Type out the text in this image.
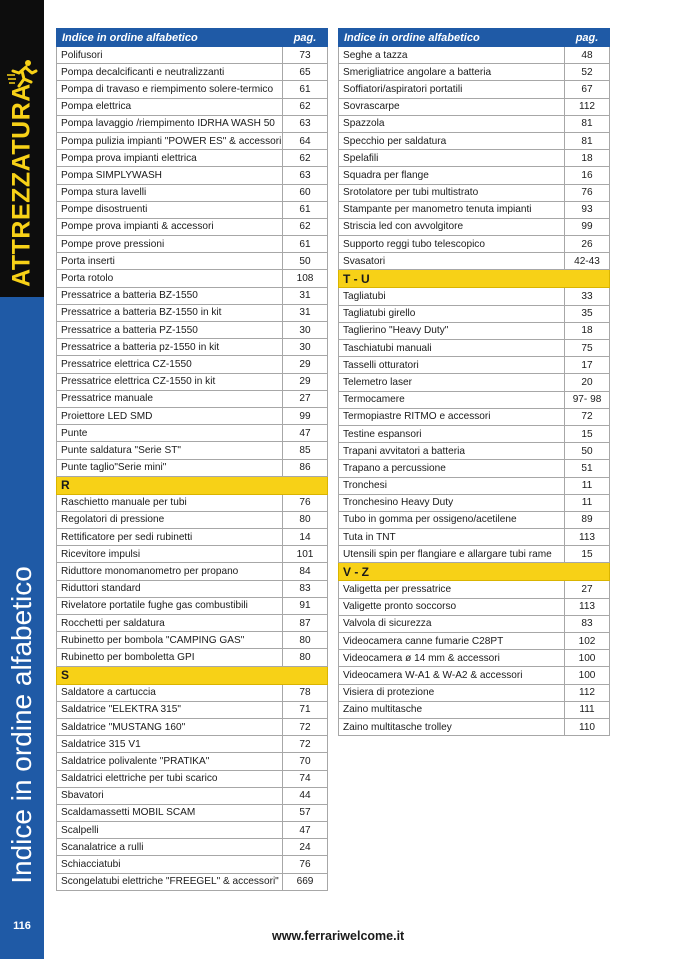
ATTREZZATURA
Indice in ordine alfabetico
116
Indice in ordine alfabetico	pag.
Polifusori	73
Pompa decalcificanti e neutralizzanti	65
Pompa di travaso e riempimento solere-termico	61
Pompa elettrica	62
Pompa lavaggio /riempimento IDRHA WASH 50	63
Pompa pulizia impianti "POWER ES" & accessori	64
Pompa prova impianti elettrica	62
Pompa SIMPLYWASH	63
Pompa stura lavelli	60
Pompe disostruenti	61
Pompe prova impianti & accessori	62
Pompe prove pressioni	61
Porta inserti	50
Porta rotolo	108
Pressatrice a batteria BZ-1550	31
Pressatrice a batteria BZ-1550 in kit	31
Pressatrice a batteria PZ-1550	30
Pressatrice a batteria pz-1550 in kit	30
Pressatrice elettrica CZ-1550	29
Pressatrice elettrica CZ-1550 in kit	29
Pressatrice manuale	27
Proiettore LED SMD	99
Punte	47
Punte saldatura "Serie ST"	85
Punte taglio"Serie mini"	86
R	
Raschietto manuale per tubi	76
Regolatori di pressione	80
Rettificatore per sedi rubinetti	14
Ricevitore impulsi	101
Riduttore monomanometro per propano	84
Riduttori standard	83
Rivelatore portatile fughe gas combustibili	91
Rocchetti per saldatura	87
Rubinetto per bombola "CAMPING GAS"	80
Rubinetto per bomboletta GPI	80
S	
Saldatore a cartuccia	78
Saldatrice "ELEKTRA 315"	71
Saldatrice "MUSTANG 160"	72
Saldatrice 315 V1	72
Saldatrice polivalente "PRATIKA"	70
Saldatrici elettriche per tubi scarico	74
Sbavatori	44
Scaldamassetti MOBIL SCAM	57
Scalpelli	47
Scanalatrice a rulli	24
Schiacciatubi	76
Scongelatubi elettriche "FREEGEL" & accessori"	669
Indice in ordine alfabetico	pag.
Seghe a tazza	48
Smerigliatrice angolare a batteria	52
Soffiatori/aspiratori portatili	67
Sovrascarpe	112
Spazzola	81
Specchio per saldatura	81
Spelafili	18
Squadra per flange	16
Srotolatore per tubi multistrato	76
Stampante per manometro tenuta impianti	93
Striscia led con avvolgitore	99
Supporto reggi tubo telescopico	26
Svasatori	42-43
T - U	
Tagliatubi	33
Tagliatubi girello	35
Taglierino "Heavy Duty"	18
Taschiatubi manuali	75
Tasselli otturatori	17
Telemetro laser	20
Termocamere	97- 98
Termopiastre RITMO e accessori	72
Testine espansori	15
Trapani avvitatori a batteria	50
Trapano a percussione	51
Tronchesi	11
Tronchesino Heavy Duty	11
Tubo in gomma per ossigeno/acetilene	89
Tuta in TNT	113
Utensili spin per flangiare e allargare tubi rame	15
V - Z	
Valigetta per pressatrice	27
Valigette pronto soccorso	113
Valvola di sicurezza	83
Videocamera canne fumarie C28PT	102
Videocamera ø 14 mm & accessori	100
Videocamera W-A1 & W-A2 & accessori	100
Visiera di protezione	112
Zaino multitasche	111
Zaino multitasche trolley	110
www.ferrariwelcome.it
